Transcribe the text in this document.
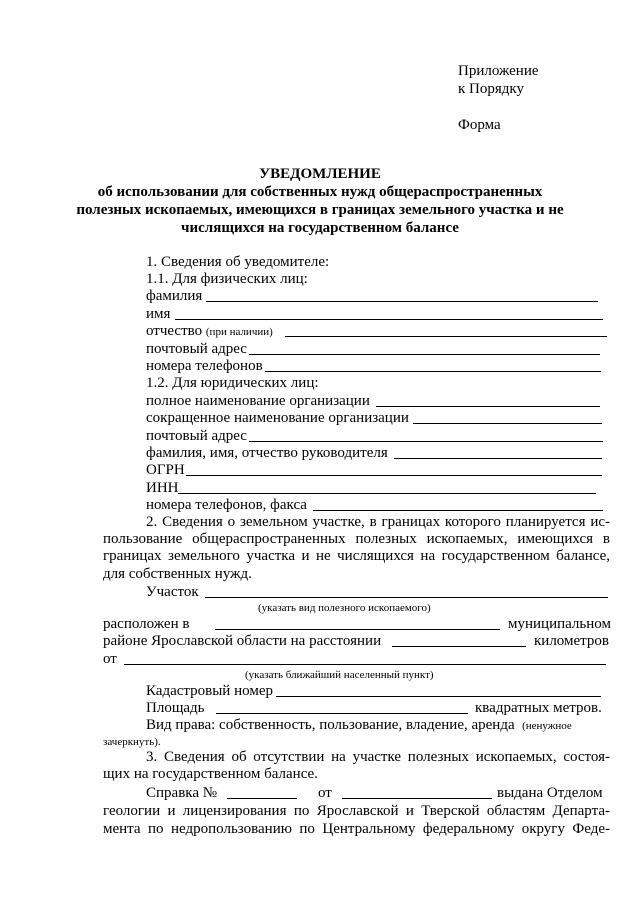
Приложение
к Порядку
Форма
УВЕДОМЛЕНИЕ
об использовании для собственных нужд общераспространенных
полезных ископаемых, имеющихся в границах земельного участка и не
числящихся на государственном балансе
1. Сведения об уведомителе:
1.1. Для физических лиц:
фамилия
имя
отчество (при наличии)
почтовый адрес
номера телефонов
1.2. Для юридических лиц:
полное наименование организации
сокращенное наименование организации
почтовый адрес
фамилия, имя, отчество руководителя
ОГРН
ИНН
номера телефонов, факса
2. Сведения о земельном участке, в границах которого планируется ис-
пользование общераспространенных полезных ископаемых, имеющихся в
границах земельного участка и не числящихся на государственном балансе,
для собственных нужд.
Участок
(указать вид полезного ископаемого)
расположен в	муниципальном
районе Ярославской области на расстоянии	километров
от
(указать ближайший населенный пункт)
Кадастровый номер
Площадь	квадратных метров.
Вид права: собственность, пользование, владение, аренда (ненужное
зачеркнуть).
3. Сведения об отсутствии на участке полезных ископаемых, состоя-
щих на государственном балансе.
Справка №	от	выдана Отделом
геологии и лицензирования по Ярославской и Тверской областям Департа-
мента по недропользованию по Центральному федеральному округу Феде-
